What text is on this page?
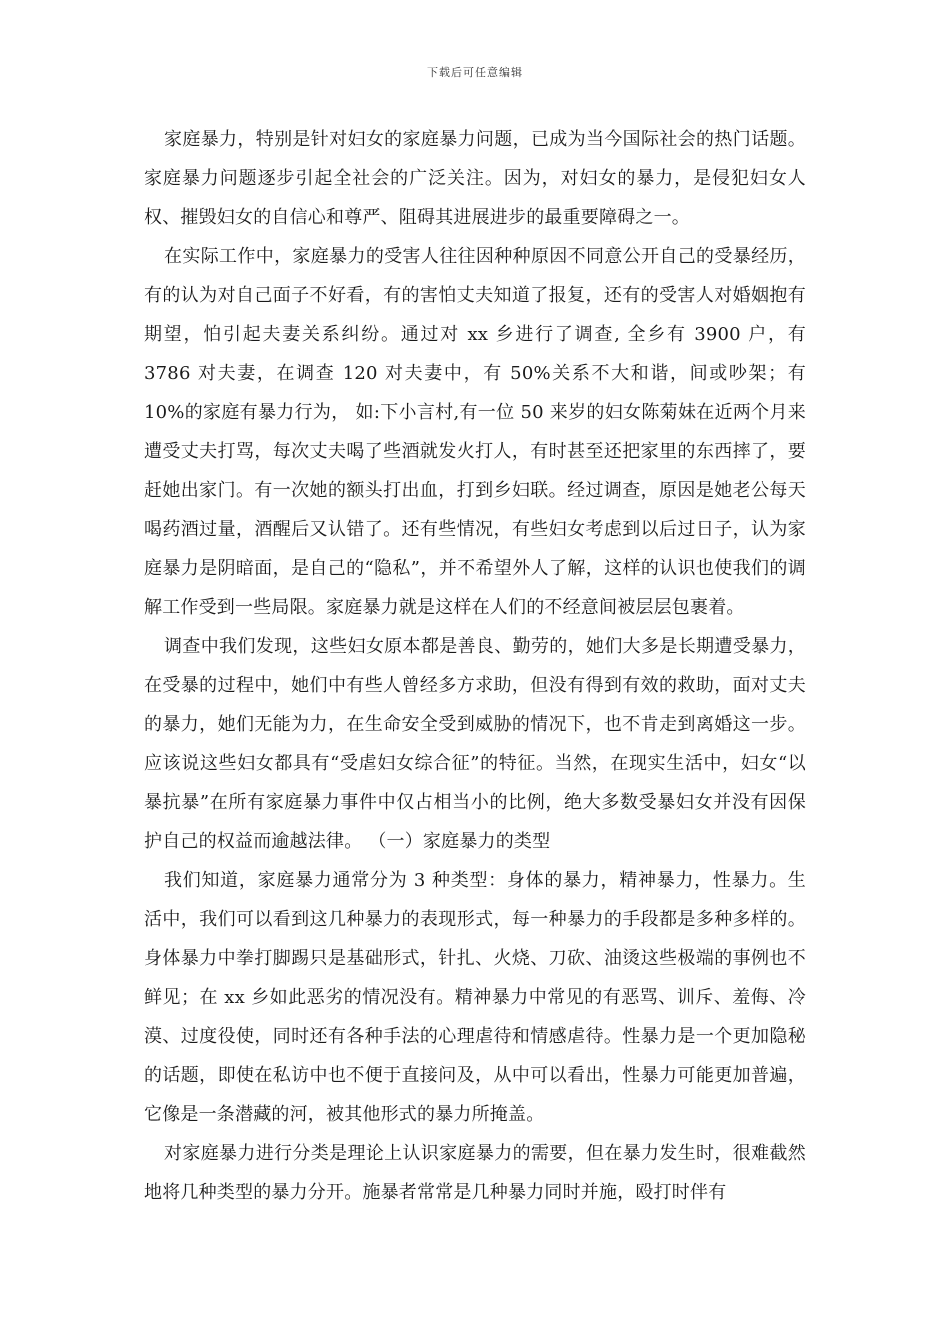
下载后可任意编辑

家庭暴力，特别是针对妇女的家庭暴力问题，已成为当今国际社会的热门话题。家庭暴力问题逐步引起全社会的广泛关注。因为，对妇女的暴力，是侵犯妇女人权、摧毁妇女的自信心和尊严、阻碍其进展进步的最重要障碍之一。

在实际工作中，家庭暴力的受害人往往因种种原因不同意公开自己的受暴经历，有的认为对自己面子不好看，有的害怕丈夫知道了报复，还有的受害人对婚姻抱有期望，怕引起夫妻关系纠纷。通过对 xx 乡进行了调查, 全乡有 3900 户，有 3786 对夫妻，在调查 120 对夫妻中，有 50%关系不大和谐，间或吵架；有 10%的家庭有暴力行为， 如:下小言村,有一位 50 来岁的妇女陈菊妹在近两个月来遭受丈夫打骂，每次丈夫喝了些酒就发火打人，有时甚至还把家里的东西摔了，要赶她出家门。有一次她的额头打出血，打到乡妇联。经过调查，原因是她老公每天喝药酒过量，酒醒后又认错了。还有些情况，有些妇女考虑到以后过日子，认为家庭暴力是阴暗面，是自己的“隐私”，并不希望外人了解，这样的认识也使我们的调解工作受到一些局限。家庭暴力就是这样在人们的不经意间被层层包裹着。

调查中我们发现，这些妇女原本都是善良、勤劳的，她们大多是长期遭受暴力，在受暴的过程中，她们中有些人曾经多方求助，但没有得到有效的救助，面对丈夫的暴力，她们无能为力，在生命安全受到威胁的情况下，也不肯走到离婚这一步。应该说这些妇女都具有“受虐妇女综合征”的特征。当然，在现实生活中，妇女“以暴抗暴”在所有家庭暴力事件中仅占相当小的比例，绝大多数受暴妇女并没有因保护自己的权益而逾越法律。 （一）家庭暴力的类型

我们知道，家庭暴力通常分为 3 种类型：身体的暴力，精神暴力，性暴力。生活中，我们可以看到这几种暴力的表现形式，每一种暴力的手段都是多种多样的。身体暴力中拳打脚踢只是基础形式，针扎、火烧、刀砍、油烫这些极端的事例也不鲜见；在 xx 乡如此恶劣的情况没有。精神暴力中常见的有恶骂、训斥、羞侮、冷漠、过度役使，同时还有各种手法的心理虐待和情感虐待。性暴力是一个更加隐秘的话题，即使在私访中也不便于直接问及，从中可以看出，性暴力可能更加普遍，它像是一条潜藏的河，被其他形式的暴力所掩盖。

对家庭暴力进行分类是理论上认识家庭暴力的需要，但在暴力发生时，很难截然地将几种类型的暴力分开。施暴者常常是几种暴力同时并施，殴打时伴有
